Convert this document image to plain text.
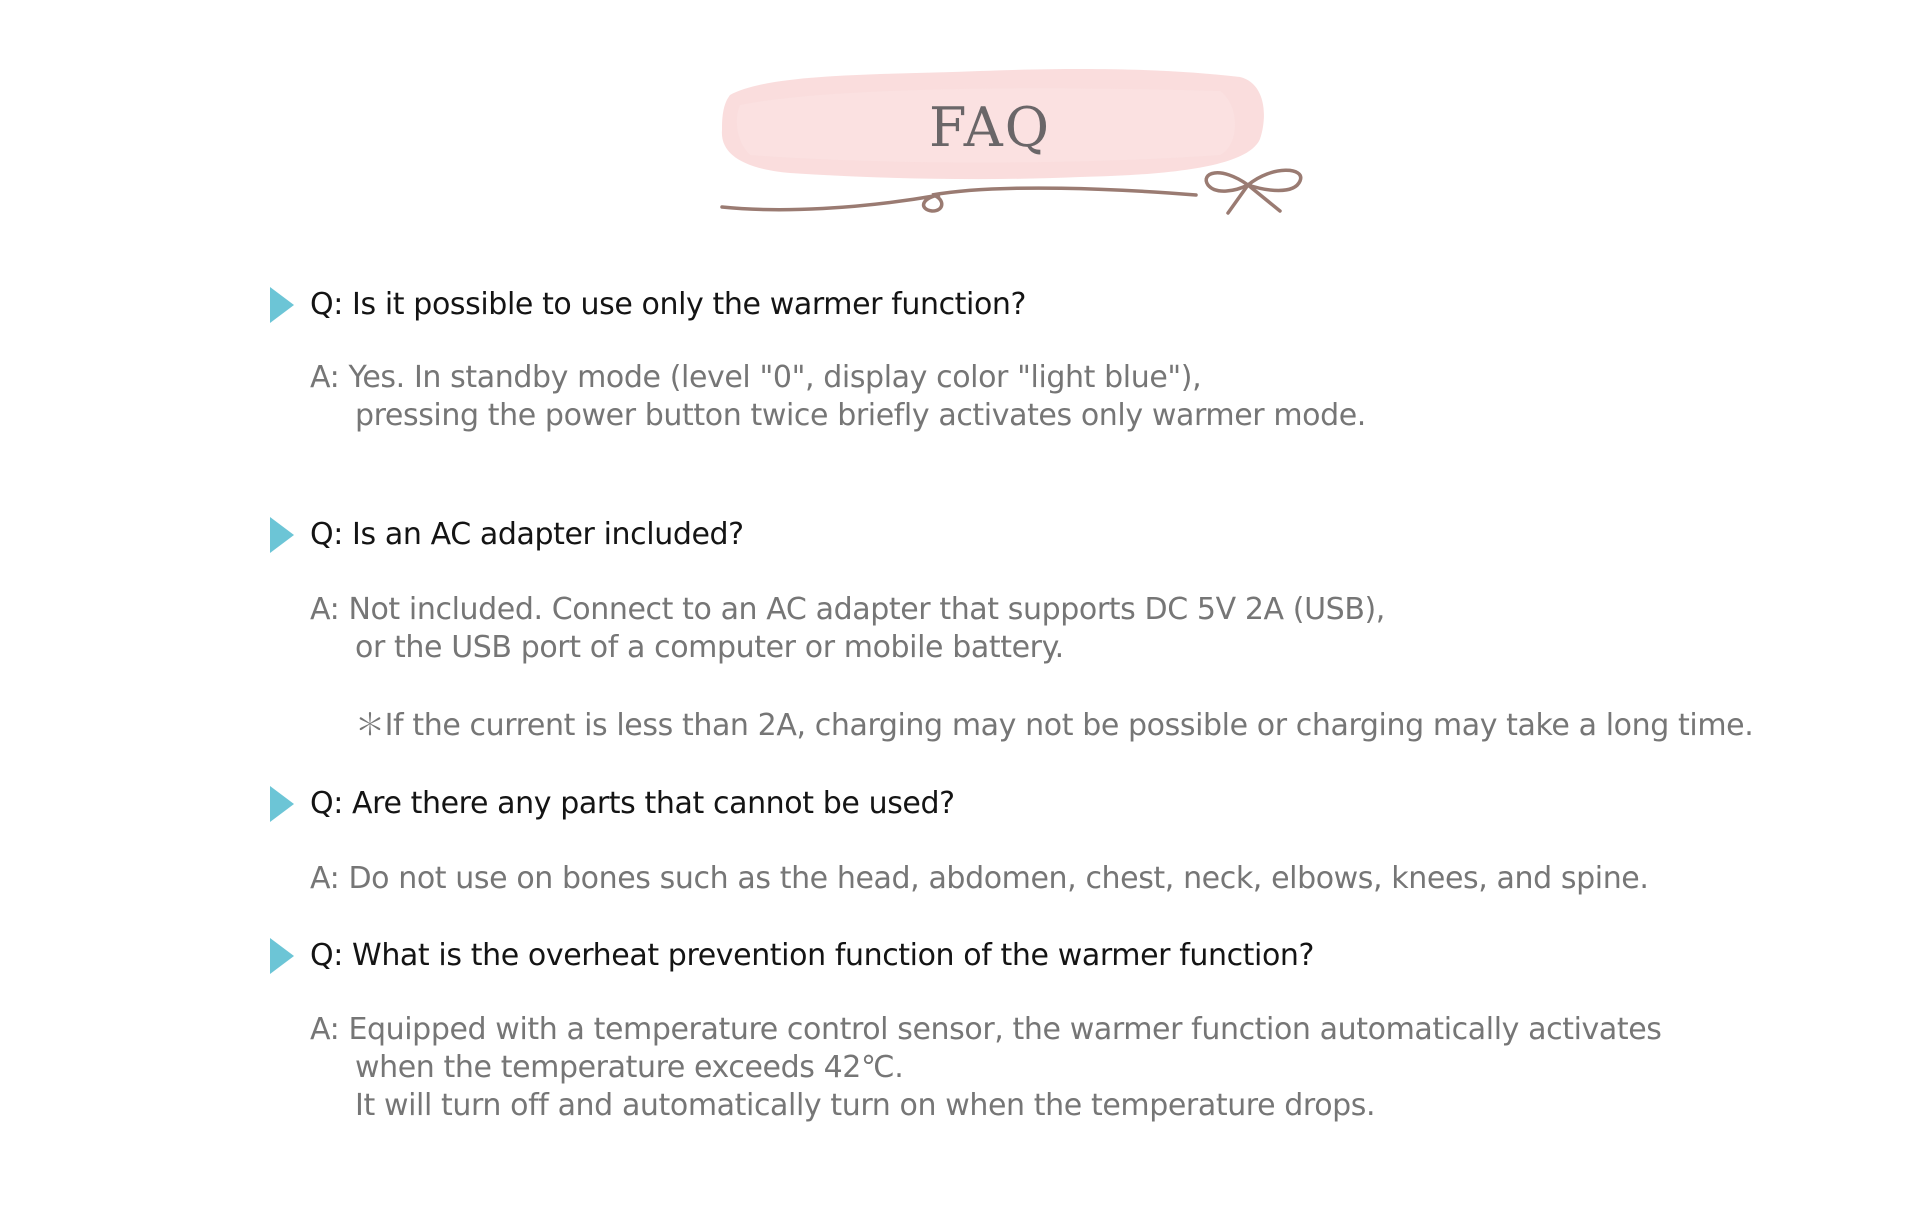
FAQ
Q: Is it possible to use only the warmer function?
A: Yes. In standby mode (level "0", display color "light blue"),
pressing the power button twice briefly activates only warmer mode.
Q: Is an AC adapter included?
A: Not included. Connect to an AC adapter that supports DC 5V 2A (USB),
or the USB port of a computer or mobile battery.
＊If the current is less than 2A, charging may not be possible or charging may take a long time.
Q: Are there any parts that cannot be used?
A: Do not use on bones such as the head, abdomen, chest, neck, elbows, knees, and spine.
Q: What is the overheat prevention function of the warmer function?
A: Equipped with a temperature control sensor, the warmer function automatically activates
when the temperature exceeds 42℃.
It will turn off and automatically turn on when the temperature drops.
